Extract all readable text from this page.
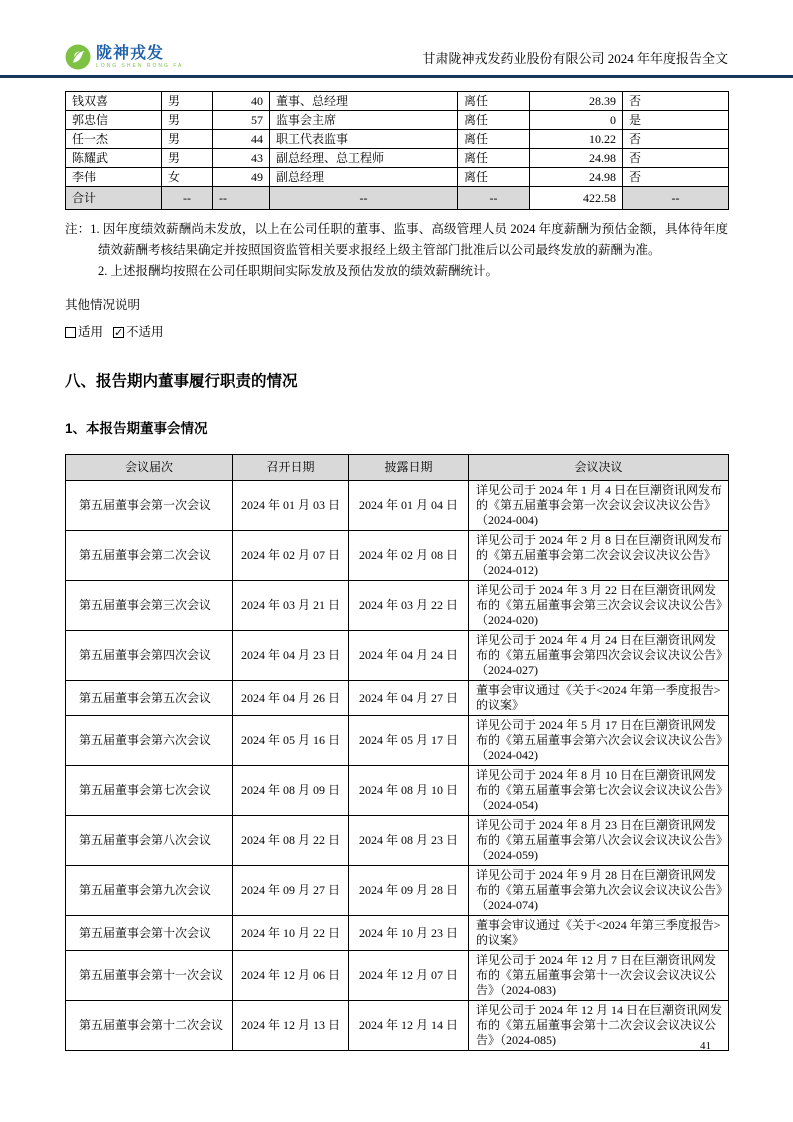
陇神戎发
LONG SHEN RONG FA	甘肃陇神戎发药业股份有限公司 2024 年年度报告全文
钱双喜	男	40	董事、总经理	离任	28.39	否
郭忠信	男	57	监事会主席	离任	0	是
任一杰	男	44	职工代表监事	离任	10.22	否
陈耀武	男	43	副总经理、总工程师	离任	24.98	否
李伟	女	49	副总经理	离任	24.98	否
合计	--	--	--	--	422.58	--

注：1. 因年度绩效薪酬尚未发放，以上在公司任职的董事、监事、高级管理人员 2024 年度薪酬为预估金额，具体待年度绩效薪酬考核结果确定并按照国资监管相关要求报经上级主管部门批准后以公司最终发放的薪酬为准。

2. 上述报酬均按照在公司任职期间实际发放及预估发放的绩效薪酬统计。

其他情况说明

适用 ✓ 不适用
八、报告期内董事履行职责的情况
1、本报告期董事会情况
会议届次	召开日期	披露日期	会议决议
第五届董事会第一次会议	2024 年 01 月 03 日	2024 年 01 月 04 日	详见公司于 2024 年 1 月 4 日在巨潮资讯网发布的《第五届董事会第一次会议会议决议公告》（2024-004)
第五届董事会第二次会议	2024 年 02 月 07 日	2024 年 02 月 08 日	详见公司于 2024 年 2 月 8 日在巨潮资讯网发布的《第五届董事会第二次会议会议决议公告》（2024-012)
第五届董事会第三次会议	2024 年 03 月 21 日	2024 年 03 月 22 日	详见公司于 2024 年 3 月 22 日在巨潮资讯网发布的《第五届董事会第三次会议会议决议公告》（2024-020)
第五届董事会第四次会议	2024 年 04 月 23 日	2024 年 04 月 24 日	详见公司于 2024 年 4 月 24 日在巨潮资讯网发布的《第五届董事会第四次会议会议决议公告》（2024-027)
第五届董事会第五次会议	2024 年 04 月 26 日	2024 年 04 月 27 日	董事会审议通过《关于<2024 年第一季度报告>的议案》
第五届董事会第六次会议	2024 年 05 月 16 日	2024 年 05 月 17 日	详见公司于 2024 年 5 月 17 日在巨潮资讯网发布的《第五届董事会第六次会议会议决议公告》（2024-042)
第五届董事会第七次会议	2024 年 08 月 09 日	2024 年 08 月 10 日	详见公司于 2024 年 8 月 10 日在巨潮资讯网发布的《第五届董事会第七次会议会议决议公告》（2024-054)
第五届董事会第八次会议	2024 年 08 月 22 日	2024 年 08 月 23 日	详见公司于 2024 年 8 月 23 日在巨潮资讯网发布的《第五届董事会第八次会议会议决议公告》（2024-059)
第五届董事会第九次会议	2024 年 09 月 27 日	2024 年 09 月 28 日	详见公司于 2024 年 9 月 28 日在巨潮资讯网发布的《第五届董事会第九次会议会议决议公告》（2024-074)
第五届董事会第十次会议	2024 年 10 月 22 日	2024 年 10 月 23 日	董事会审议通过《关于<2024 年第三季度报告>的议案》
第五届董事会第十一次会议	2024 年 12 月 06 日	2024 年 12 月 07 日	详见公司于 2024 年 12 月 7 日在巨潮资讯网发布的《第五届董事会第十一次会议会议决议公告》（2024-083)
第五届董事会第十二次会议	2024 年 12 月 13 日	2024 年 12 月 14 日	详见公司于 2024 年 12 月 14 日在巨潮资讯网发布的《第五届董事会第十二次会议会议决议公告》（2024-085)	41
